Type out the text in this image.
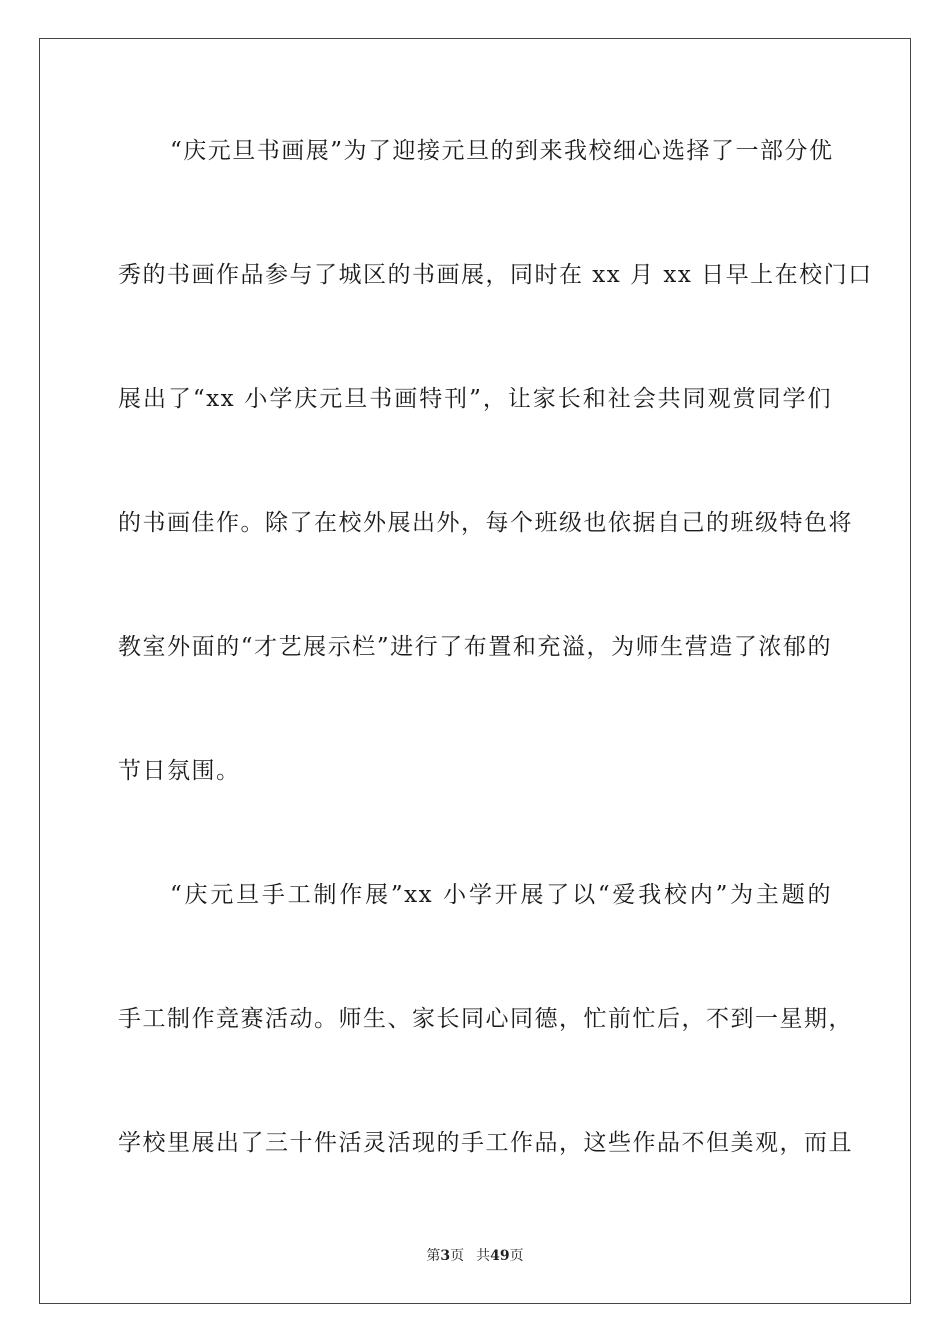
“庆元旦书画展”为了迎接元旦的到来我校细心选择了一部分优
秀的书画作品参与了城区的书画展，同时在 xx 月 xx 日早上在校门口
展出了“xx 小学庆元旦书画特刊”，让家长和社会共同观赏同学们
的书画佳作。除了在校外展出外，每个班级也依据自己的班级特色将
教室外面的“才艺展示栏”进行了布置和充溢，为师生营造了浓郁的
节日氛围。
“庆元旦手工制作展”xx 小学开展了以“爱我校内”为主题的
手工制作竞赛活动。师生、家长同心同德，忙前忙后，不到一星期，
学校里展出了三十件活灵活现的手工作品，这些作品不但美观，而且
第3页 共49页
